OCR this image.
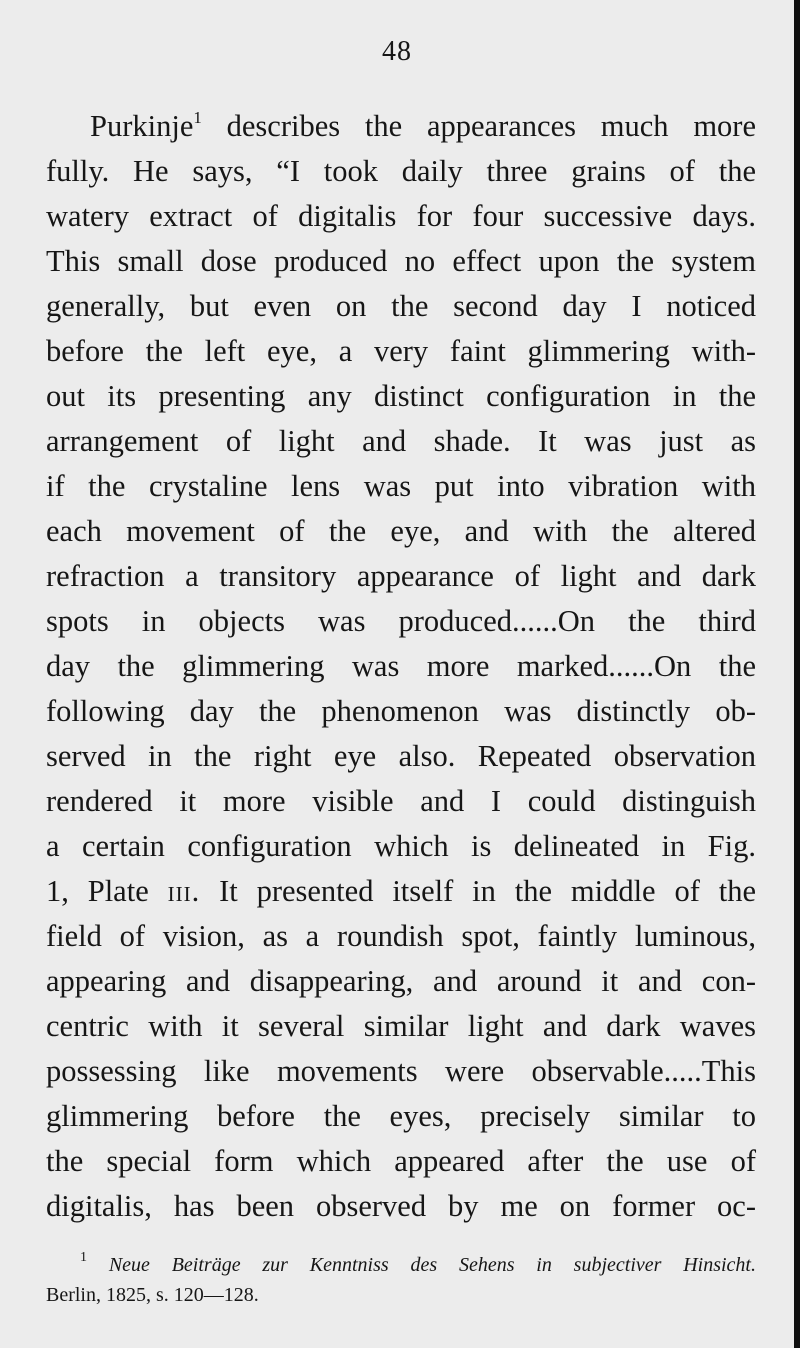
48
Purkinje$^1$ describes the appearances much more
fully. He says, “I took daily three grains of the
watery extract of digitalis for four successive days.
This small dose produced no effect upon the system
generally, but even on the second day I noticed
before the left eye, a very faint glimmering with-
out its presenting any distinct configuration in the
arrangement of light and shade. It was just as
if the crystaline lens was put into vibration with
each movement of the eye, and with the altered
refraction a transitory appearance of light and dark
spots in objects was produced......On the third
day the glimmering was more marked......On the
following day the phenomenon was distinctly ob-
served in the right eye also. Repeated observation
rendered it more visible and I could distinguish
a certain configuration which is delineated in Fig.
1, Plate iii. It presented itself in the middle of the
field of vision, as a roundish spot, faintly luminous,
appearing and disappearing, and around it and con-
centric with it several similar light and dark waves
possessing like movements were observable.....This
glimmering before the eyes, precisely similar to
the special form which appeared after the use of
digitalis, has been observed by me on former oc-
$^1$ Neue Beiträge zur Kenntniss des Sehens in subjectiver Hinsicht.
Berlin, 1825, s. 120—128.
